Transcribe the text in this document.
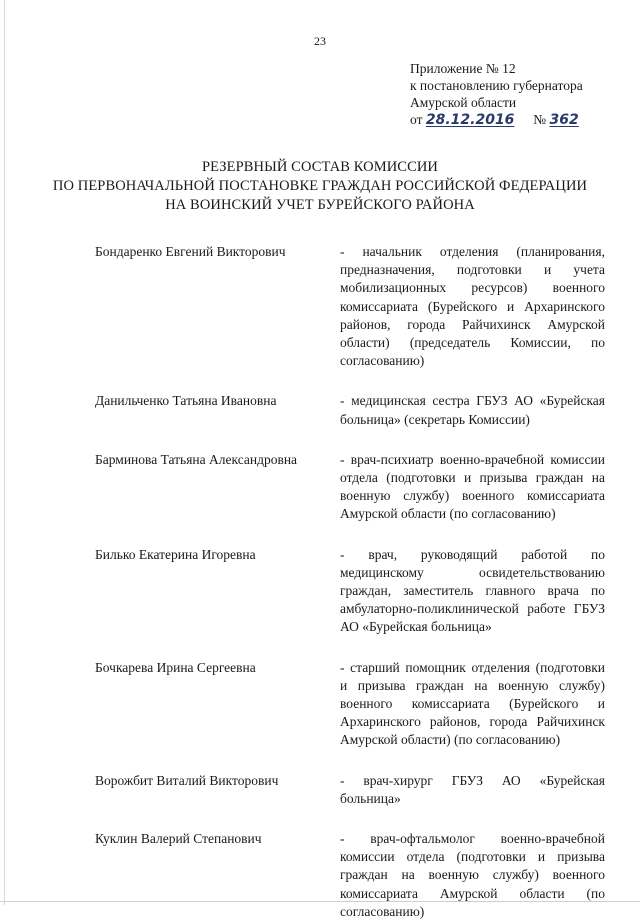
23
Приложение № 12
к постановлению губернатора
Амурской области
от 28.12.2016 № 362
РЕЗЕРВНЫЙ СОСТАВ КОМИССИИ
ПО ПЕРВОНАЧАЛЬНОЙ ПОСТАНОВКЕ ГРАЖДАН РОССИЙСКОЙ ФЕДЕРАЦИИ
НА ВОИНСКИЙ УЧЕТ БУРЕЙСКОГО РАЙОНА
Бондаренко Евгений Викторович	- начальник отделения (планирования, предназначения, подготовки и учета мобилизационных ресурсов) военного комиссариата (Бурейского и Архаринского районов, города Райчихинск Амурской области) (председатель Комиссии, по согласованию)

Данильченко Татьяна Ивановна	- медицинская сестра ГБУЗ АО «Бурейская больница» (секретарь Комиссии)

Барминова Татьяна Александровна	- врач-психиатр военно-врачебной комиссии отдела (подготовки и призыва граждан на военную службу) военного комиссариата Амурской области (по согласованию)

Билько Екатерина Игоревна	- врач, руководящий работой по медицинскому освидетельствованию граждан, заместитель главного врача по амбулаторно-поликлинической работе ГБУЗ АО «Бурейская больница»

Бочкарева Ирина Сергеевна	- старший помощник отделения (подготовки и призыва граждан на военную службу) военного комиссариата (Бурейского и Архаринского районов, города Райчихинск Амурской области) (по согласованию)

Ворожбит Виталий Викторович	- врач-хирург ГБУЗ АО «Бурейская больница»

Куклин Валерий Степанович	- врач-офтальмолог военно-врачебной комиссии отдела (подготовки и призыва граждан на военную службу) военного комиссариата Амурской области (по согласованию)
